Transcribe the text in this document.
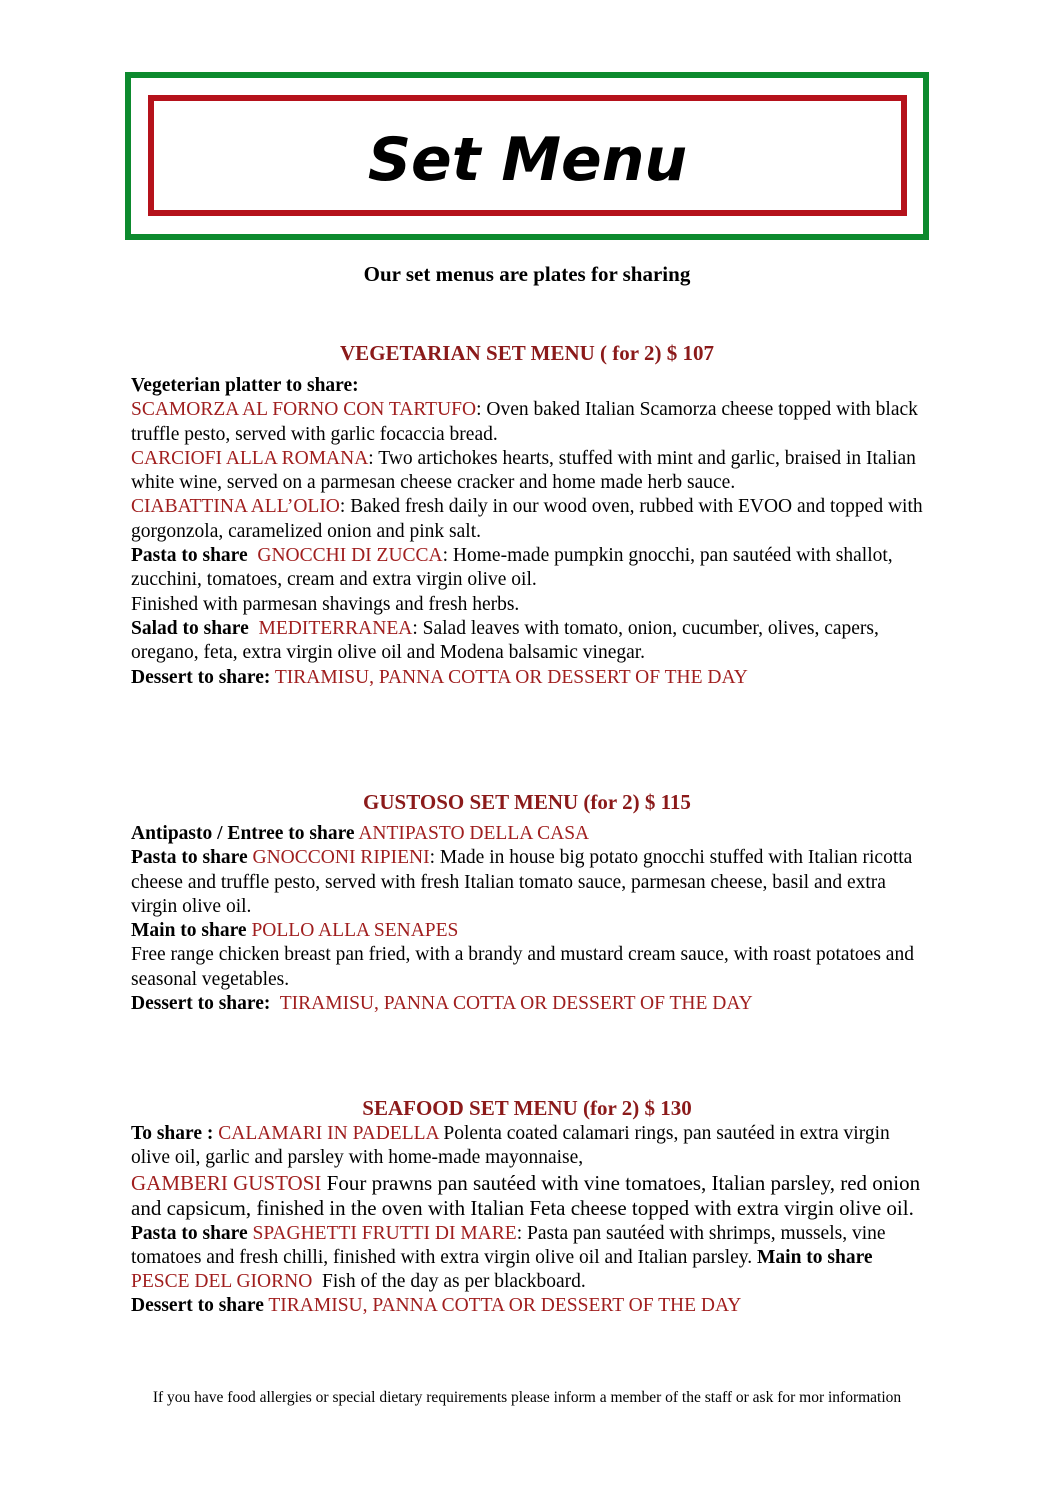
Set Menu

Our set menus are plates for sharing

VEGETARIAN SET MENU ( for 2) $ 107

Vegeterian platter to share:

SCAMORZA AL FORNO CON TARTUFO: Oven baked Italian Scamorza cheese topped with black truffle pesto, served with garlic focaccia bread.

CARCIOFI ALLA ROMANA: Two artichokes hearts, stuffed with mint and garlic, braised in Italian white wine, served on a parmesan cheese cracker and home made herb sauce.

CIABATTINA ALL’OLIO: Baked fresh daily in our wood oven, rubbed with EVOO and topped with gorgonzola, caramelized onion and pink salt.

Pasta to share GNOCCHI DI ZUCCA: Home-made pumpkin gnocchi, pan sautéed with shallot, zucchini, tomatoes, cream and extra virgin olive oil.

Finished with parmesan shavings and fresh herbs.

Salad to share MEDITERRANEA: Salad leaves with tomato, onion, cucumber, olives, capers, oregano, feta, extra virgin olive oil and Modena balsamic vinegar.

Dessert to share: TIRAMISU, PANNA COTTA OR DESSERT OF THE DAY

GUSTOSO SET MENU (for 2) $ 115

Antipasto / Entree to share ANTIPASTO DELLA CASA

Pasta to share GNOCCONI RIPIENI: Made in house big potato gnocchi stuffed with Italian ricotta cheese and truffle pesto, served with fresh Italian tomato sauce, parmesan cheese, basil and extra virgin olive oil.

Main to share POLLO ALLA SENAPES

Free range chicken breast pan fried, with a brandy and mustard cream sauce, with roast potatoes and seasonal vegetables.

Dessert to share: TIRAMISU, PANNA COTTA OR DESSERT OF THE DAY

SEAFOOD SET MENU (for 2) $ 130

To share : CALAMARI IN PADELLA Polenta coated calamari rings, pan sautéed in extra virgin olive oil, garlic and parsley with home-made mayonnaise,

GAMBERI GUSTOSI Four prawns pan sautéed with vine tomatoes, Italian parsley, red onion and capsicum, finished in the oven with Italian Feta cheese topped with extra virgin olive oil.

Pasta to share SPAGHETTI FRUTTI DI MARE: Pasta pan sautéed with shrimps, mussels, vine tomatoes and fresh chilli, finished with extra virgin olive oil and Italian parsley. Main to share PESCE DEL GIORNO Fish of the day as per blackboard.

Dessert to share TIRAMISU, PANNA COTTA OR DESSERT OF THE DAY

If you have food allergies or special dietary requirements please inform a member of the staff or ask for mor information
